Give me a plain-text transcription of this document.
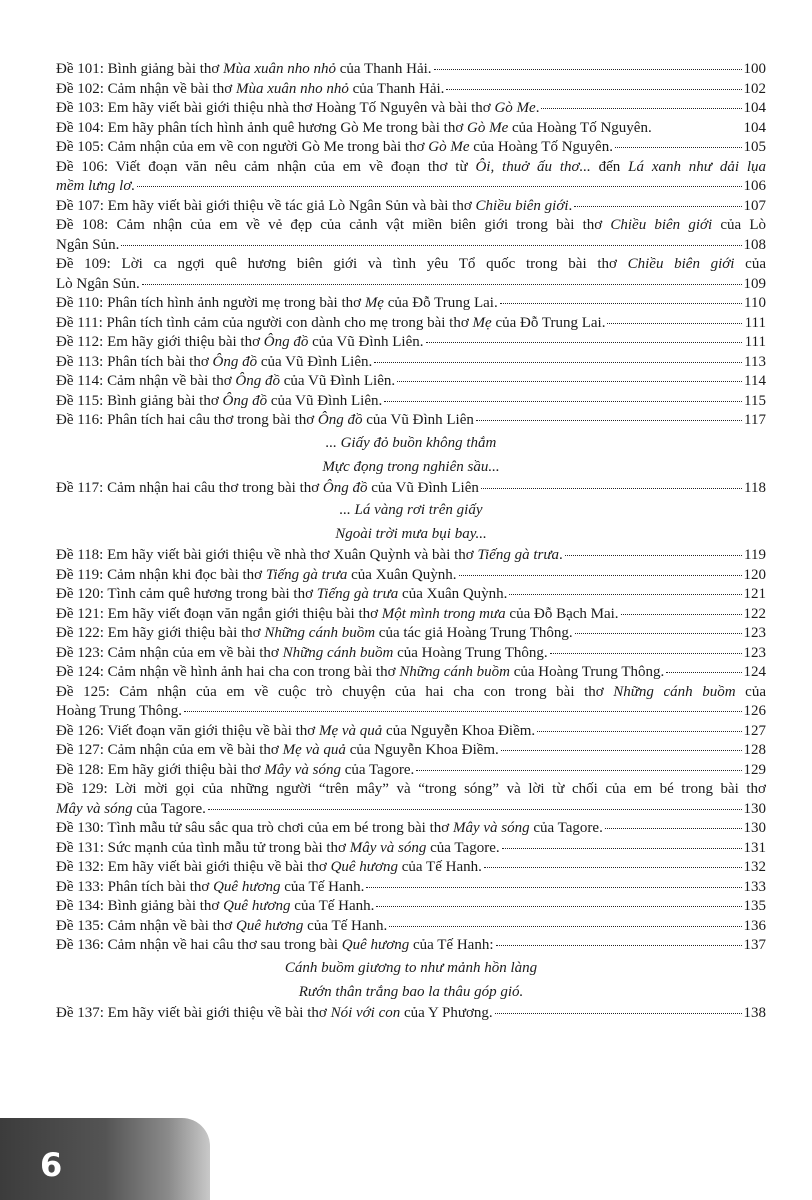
Đề 101: Bình giảng bài thơ Mùa xuân nho nhỏ của Thanh Hải.	100
Đề 102: Cảm nhận về bài thơ Mùa xuân nho nhỏ của Thanh Hải.	102
Đề 103: Em hãy viết bài giới thiệu nhà thơ Hoàng Tố Nguyên và bài thơ Gò Me.	104
Đề 104: Em hãy phân tích hình ảnh quê hương Gò Me trong bài thơ Gò Me của Hoàng Tố Nguyên.	104
Đề 105: Cảm nhận của em về con người Gò Me trong bài thơ Gò Me của Hoàng Tố Nguyên.	105
Đề 106: Viết đoạn văn nêu cảm nhận của em về đoạn thơ từ Ôi, thuở ấu thơ... đến Lá xanh như dải lụa
mềm lưng lơ.	106
Đề 107: Em hãy viết bài giới thiệu về tác giả Lò Ngân Sủn và bài thơ Chiều biên giới.	107
Đề 108: Cảm nhận của em về vẻ đẹp của cảnh vật miền biên giới trong bài thơ Chiều biên giới của Lò
Ngân Sủn.	108
Đề 109: Lời ca ngợi quê hương biên giới và tình yêu Tổ quốc trong bài thơ Chiều biên giới của
Lò Ngân Sủn.	109
Đề 110: Phân tích hình ảnh người mẹ trong bài thơ Mẹ của Đỗ Trung Lai.	110
Đề 111: Phân tích tình cảm của người con dành cho mẹ trong bài thơ Mẹ của Đỗ Trung Lai.	111
Đề 112: Em hãy giới thiệu bài thơ Ông đồ của Vũ Đình Liên.	111
Đề 113: Phân tích bài thơ Ông đồ của Vũ Đình Liên.	113
Đề 114: Cảm nhận về bài thơ Ông đồ của Vũ Đình Liên.	114
Đề 115: Bình giảng bài thơ Ông đồ của Vũ Đình Liên.	115
Đề 116: Phân tích hai câu thơ trong bài thơ Ông đồ của Vũ Đình Liên	117
... Giấy đỏ buồn không thắm
Mực đọng trong nghiên sầu...
Đề 117: Cảm nhận hai câu thơ trong bài thơ Ông đồ của Vũ Đình Liên	118
... Lá vàng rơi trên giấy
Ngoài trời mưa bụi bay...
Đề 118: Em hãy viết bài giới thiệu về nhà thơ Xuân Quỳnh và bài thơ Tiếng gà trưa.	119
Đề 119: Cảm nhận khi đọc bài thơ Tiếng gà trưa của Xuân Quỳnh.	120
Đề 120: Tình cảm quê hương trong bài thơ Tiếng gà trưa của Xuân Quỳnh.	121
Đề 121: Em hãy viết đoạn văn ngắn giới thiệu bài thơ Một mình trong mưa của Đỗ Bạch Mai.	122
Đề 122: Em hãy giới thiệu bài thơ Những cánh buồm của tác giả Hoàng Trung Thông.	123
Đề 123: Cảm nhận của em về bài thơ Những cánh buồm của Hoàng Trung Thông.	123
Đề 124: Cảm nhận về hình ảnh hai cha con trong bài thơ Những cánh buồm của Hoàng Trung Thông.	124
Đề 125: Cảm nhận của em về cuộc trò chuyện của hai cha con trong bài thơ Những cánh buồm của
Hoàng Trung Thông.	126
Đề 126: Viết đoạn văn giới thiệu về bài thơ Mẹ và quả của Nguyễn Khoa Điềm.	127
Đề 127: Cảm nhận của em về bài thơ Mẹ và quả của Nguyễn Khoa Điềm.	128
Đề 128: Em hãy giới thiệu bài thơ Mây và sóng của Tagore.	129
Đề 129: Lời mời gọi của những người “trên mây” và “trong sóng” và lời từ chối của em bé trong bài thơ
Mây và sóng của Tagore.	130
Đề 130: Tình mẫu tử sâu sắc qua trò chơi của em bé trong bài thơ Mây và sóng của Tagore.	130
Đề 131: Sức mạnh của tình mẫu tử trong bài thơ Mây và sóng của Tagore.	131
Đề 132: Em hãy viết bài giới thiệu về bài thơ Quê hương của Tế Hanh.	132
Đề 133: Phân tích bài thơ Quê hương của Tế Hanh.	133
Đề 134: Bình giảng bài thơ Quê hương của Tế Hanh.	135
Đề 135: Cảm nhận về bài thơ Quê hương của Tế Hanh.	136
Đề 136: Cảm nhận về hai câu thơ sau trong bài Quê hương của Tế Hanh:	137
Cánh buồm giương to như mảnh hồn làng
Rướn thân trắng bao la thâu góp gió.
Đề 137: Em hãy viết bài giới thiệu về bài thơ Nói với con của Y Phương.	138
6
